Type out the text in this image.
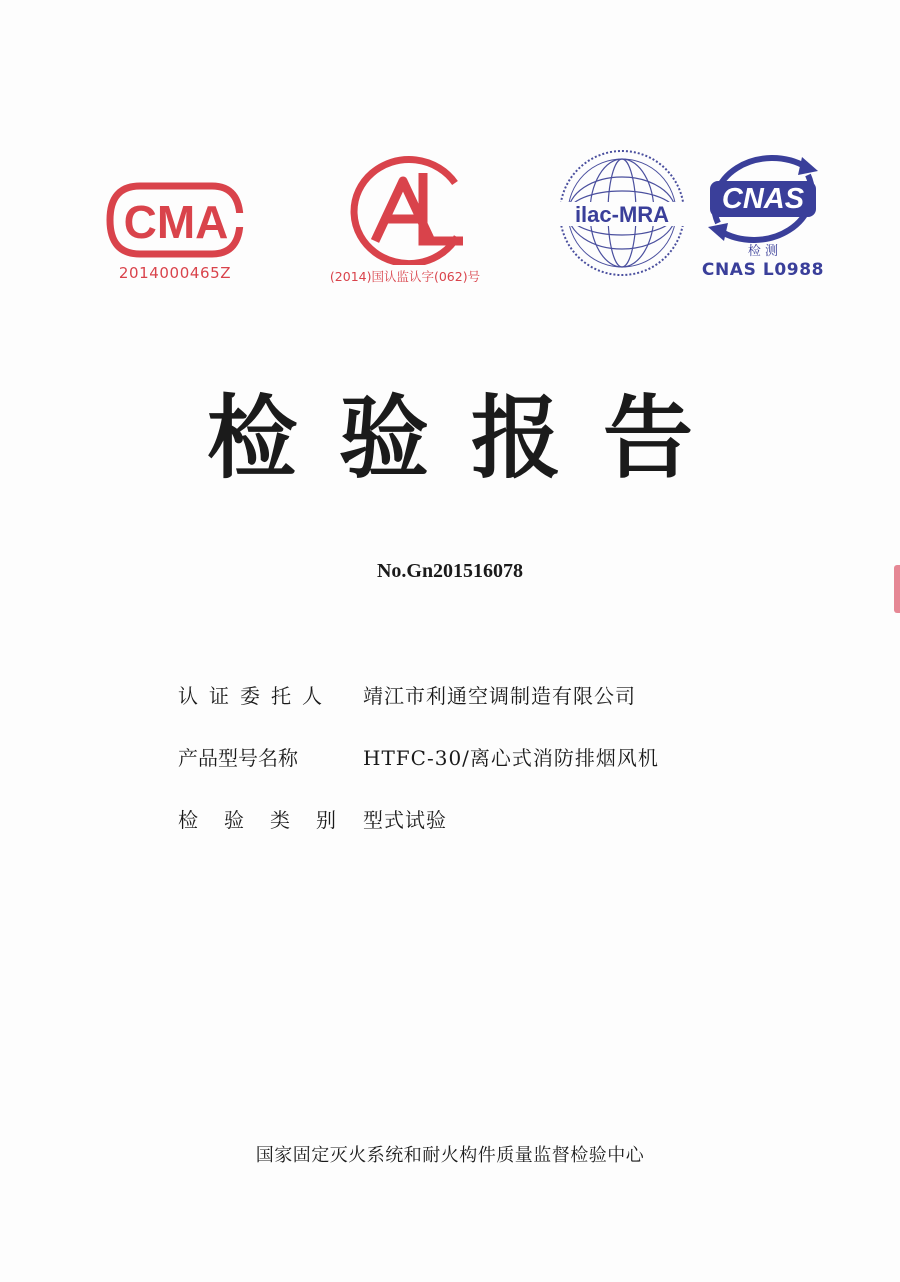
CMA
2014000465Z
CAL
(2014)国认监认字(062)号
ilac-MRA CNAS
检 测
CNAS L0988
检验报告
No.Gn201516078
认证委托人	靖江市利通空调制造有限公司
产品型号名称	HTFC-30/离心式消防排烟风机
检验类别 型式试验
国家固定灭火系统和耐火构件质量监督检验中心
